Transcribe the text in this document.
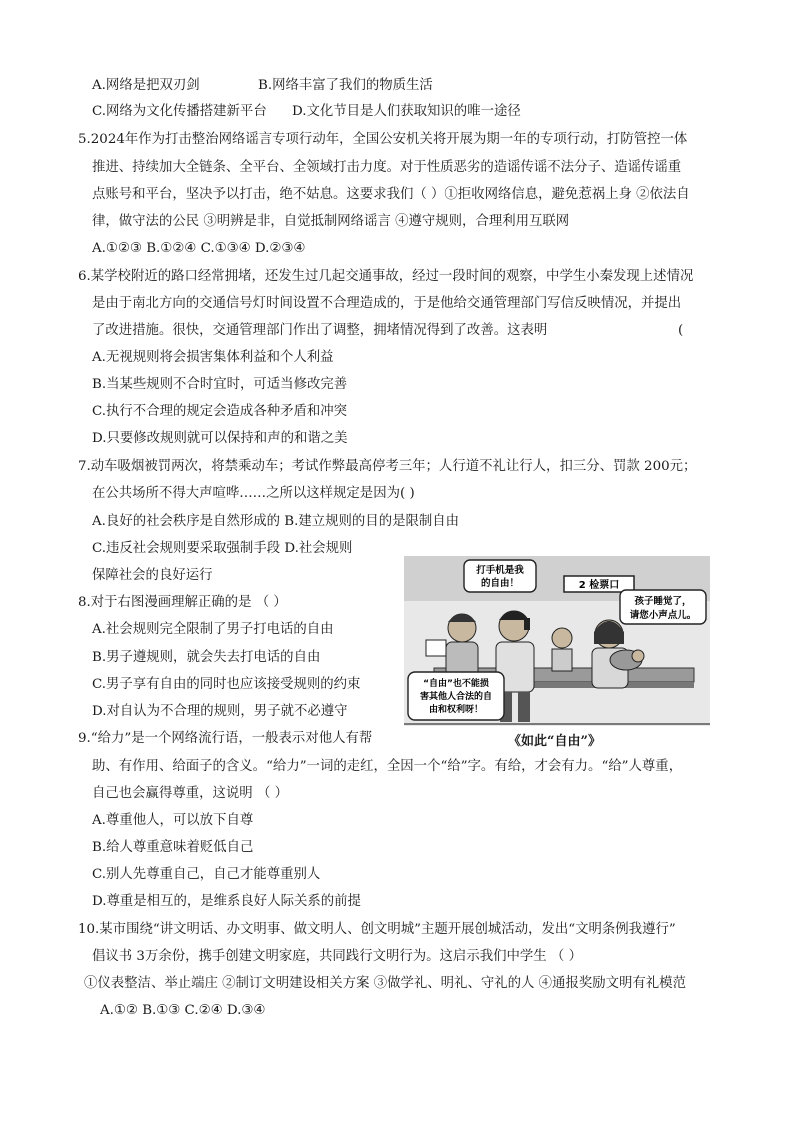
A.网络是把双刃剑	B.网络丰富了我们的物质生活
C.网络为文化传播搭建新平台 D.文化节目是人们获取知识的唯一途径
5.2024年作为打击整治网络谣言专项行动年，全国公安机关将开展为期一年的专项行动，打防管控一体
推进、持续加大全链条、全平台、全领域打击力度。对于性质恶劣的造谣传谣不法分子、造谣传谣重
点账号和平台，坚决予以打击，绝不姑息。这要求我们（ ）①拒收网络信息，避免惹祸上身 ②依法自
律，做守法的公民 ③明辨是非，自觉抵制网络谣言 ④遵守规则，合理利用互联网
A.①②③ B.①②④ C.①③④ D.②③④
6.某学校附近的路口经常拥堵，还发生过几起交通事故，经过一段时间的观察，中学生小秦发现上述情况
是由于南北方向的交通信号灯时间设置不合理造成的，于是他给交通管理部门写信反映情况，并提出
了改进措施。很快，交通管理部门作出了调整，拥堵情况得到了改善。这表明	(
A.无视规则将会损害集体利益和个人利益
B.当某些规则不合时宜时，可适当修改完善
C.执行不合理的规定会造成各种矛盾和冲突
D.只要修改规则就可以保持和声的和谐之美
7.动车吸烟被罚两次，将禁乘动车；考试作弊最高停考三年；人行道不礼让行人，扣三分、罚款 200元；
在公共场所不得大声喧哗……之所以这样规定是因为( )
A.良好的社会秩序是自然形成的 B.建立规则的目的是限制自由
C.违反社会规则要采取强制手段 D.社会规则
保障社会的良好运行
8.对于右图漫画理解正确的是 （ ）
A.社会规则完全限制了男子打电话的自由
B.男子遵规则，就会失去打电话的自由
C.男子享有自由的同时也应该接受规则的约束
D.对自认为不合理的规则，男子就不必遵守
2 检票口
打手机是我
的自由！
孩子睡觉了，
请您小声点儿。
“自由”也不能损
害其他人合法的自
由和权利呀！
《如此“自由”》
9.“给力”是一个网络流行语，一般表示对他人有帮
助、有作用、给面子的含义。“给力”一词的走红，全因一个“给”字。有给，才会有力。“给”人尊重，
自己也会赢得尊重，这说明 （ ）
A.尊重他人，可以放下自尊
B.给人尊重意味着贬低自己
C.别人先尊重自己，自己才能尊重别人
D.尊重是相互的，是维系良好人际关系的前提
10.某市围绕“讲文明话、办文明事、做文明人、创文明城”主题开展创城活动，发出“文明条例我遵行”
倡议书 3万余份，携手创建文明家庭，共同践行文明行为。这启示我们中学生 （ ）
①仪表整洁、举止端庄 ②制订文明建设相关方案 ③做学礼、明礼、守礼的人 ④通报奖励文明有礼模范
A.①② B.①③ C.②④ D.③④
